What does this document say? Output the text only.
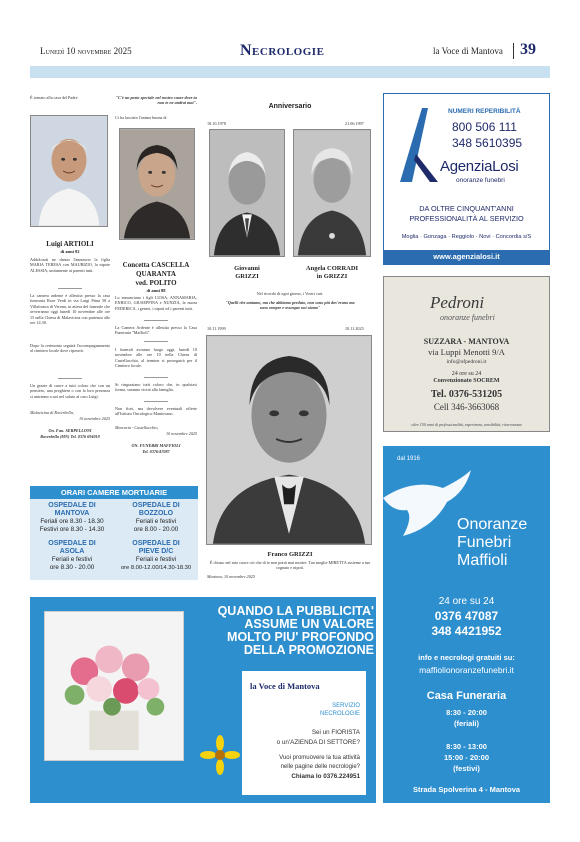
Lunedì 10 novembre 2025	Necrologie	la Voce di Mantova 39
È tornato alla casa del Padre
Luigi ARTIOLI
di anni 92
Addolorati ne danno l'annuncio la figlia MARIA TERESA con MAURIZIO, la nipote ALESSIA, unitamente ai parenti tutti.
La camera ardente è allestita presso la casa funeraria Rose Verdi in via Luigi Prina 58 a Villafranca di Verona, in attesa del funerale che avverranno oggi lunedì 10 novembre alle ore 15 nella Chiesa di Malavicina con partenza alle ore 14.30.
Dopo la cerimonia seguirà l'accompagnamento al cimitero locale dove riposerà.
Un grazie di cuore a tutti coloro che con un pensiero, una preghiera o con la loro presenza si uniranno a noi nel saluto al caro Luigi.
Malavicina di Roverbella,
10 novembre 2025
On. Fun. SERPELLONI
Roverbella (MN) Tel. 0376 694018
"C'è un posto speciale nel nostro cuore dove tu non te ne andrai mai".
Ci ha lasciato l'anima buona di
Concetta CASCELLA
QUARANTA
ved. POLITO
di anni 88
Lo annunciano i figli LUISA, ANNAMARIA, ENRICO, GIUSEPPINA e NUNZIA, la nuora FEDERICA, i generi, i nipoti ed i parenti tutti.
La Camera Ardente è allestita presso la Casa Funeraria "Maffioli".
I funerali avranno luogo oggi, lunedì 10 novembre alle ore 10 nella Chiesa di Castellucchio, al termine si proseguirà per il Cimitero locale.
Si ringraziano tutti coloro che, in qualsiasi forma, saranno vicini alla famiglia.
Non fiori, ma devolvere eventuali offerte all'Istituto Oncologico Mantovano.
Marcaria - Castellucchio,
10 novembre 2025
ON. FUNEBRI MAFFIOLI
Tel. 0376/47087
Anniversario
18.10.1978	21.06.1997
Giovanni
GRIZZI
Angela CORRADI
in GRIZZI
Nel ricordo di ogni giorno, i Vostri cari.
"Quelli che amiamo, ma che abbiamo perduto, non sono più dov'erano ma sono sempre e ovunque noi siamo"
10.11.1999	10.11.2025
Franco GRIZZI
È chiuso nel mio cuore ciò che di te non potrà mai morire. Tua moglie MIRETTA assieme a tuo cognato e nipoti.
Mantova, 10 novembre 2025
ORARI CAMERE MORTUARIE
OSPEDALE DI MANTOVA
Feriali ore 8.30 - 18.30
Festivi ore 8.30 - 14.30
OSPEDALE DI BOZZOLO
Feriali e festivi
ore 8.00 - 20.00
OSPEDALE DI ASOLA
Feriali e festivi
ore 8.30 - 20.00
OSPEDALE DI PIEVE D/C
Feriali e festivi
ore 8.00-12.00/14.30-18.30
NUMERI REPERIBILITÀ
800 506 111
348 5610395
AgenziaLosi
onoranze funebri
DA OLTRE CINQUANT'ANNI
PROFESSIONALITÀ AL SERVIZIO
Moglia · Gonzaga · Reggiolo · Novi · Concordia s/S
www.agenzialosi.it
Pedroni
onoranze funebri
SUZZARA - MANTOVA
via Luppi Menotti 9/A
info@ofpedroni.it
24 ore su 24
Convenzionato SOCREM
Tel. 0376-531205
Cell 346-3663068
oltre 150 anni di professionalità, esperienza, sensibilità, riservatezza
dal 1916
Onoranze
Funebri
Maffioli
24 ore su 24
0376 47087
348 4421952
info e necrologi gratuiti su:
maffiolionoranzefunebri.it
Casa Funeraria
8:30 - 20:00
(feriali)
8:30 - 13:00
15:00 - 20:00
(festivi)
Strada Spolverina 4 - Mantova
QUANDO LA PUBBLICITA'
ASSUME UN VALORE
MOLTO PIU' PROFONDO
DELLA PROMOZIONE
la Voce di Mantova
SERVIZIO
NECROLOGIE
Sei un FIORISTA
o un'AZIENDA DI SETTORE?
Vuoi promuovere la tua attività
nelle pagine delle necrologie?
Chiama lo 0376.224951
